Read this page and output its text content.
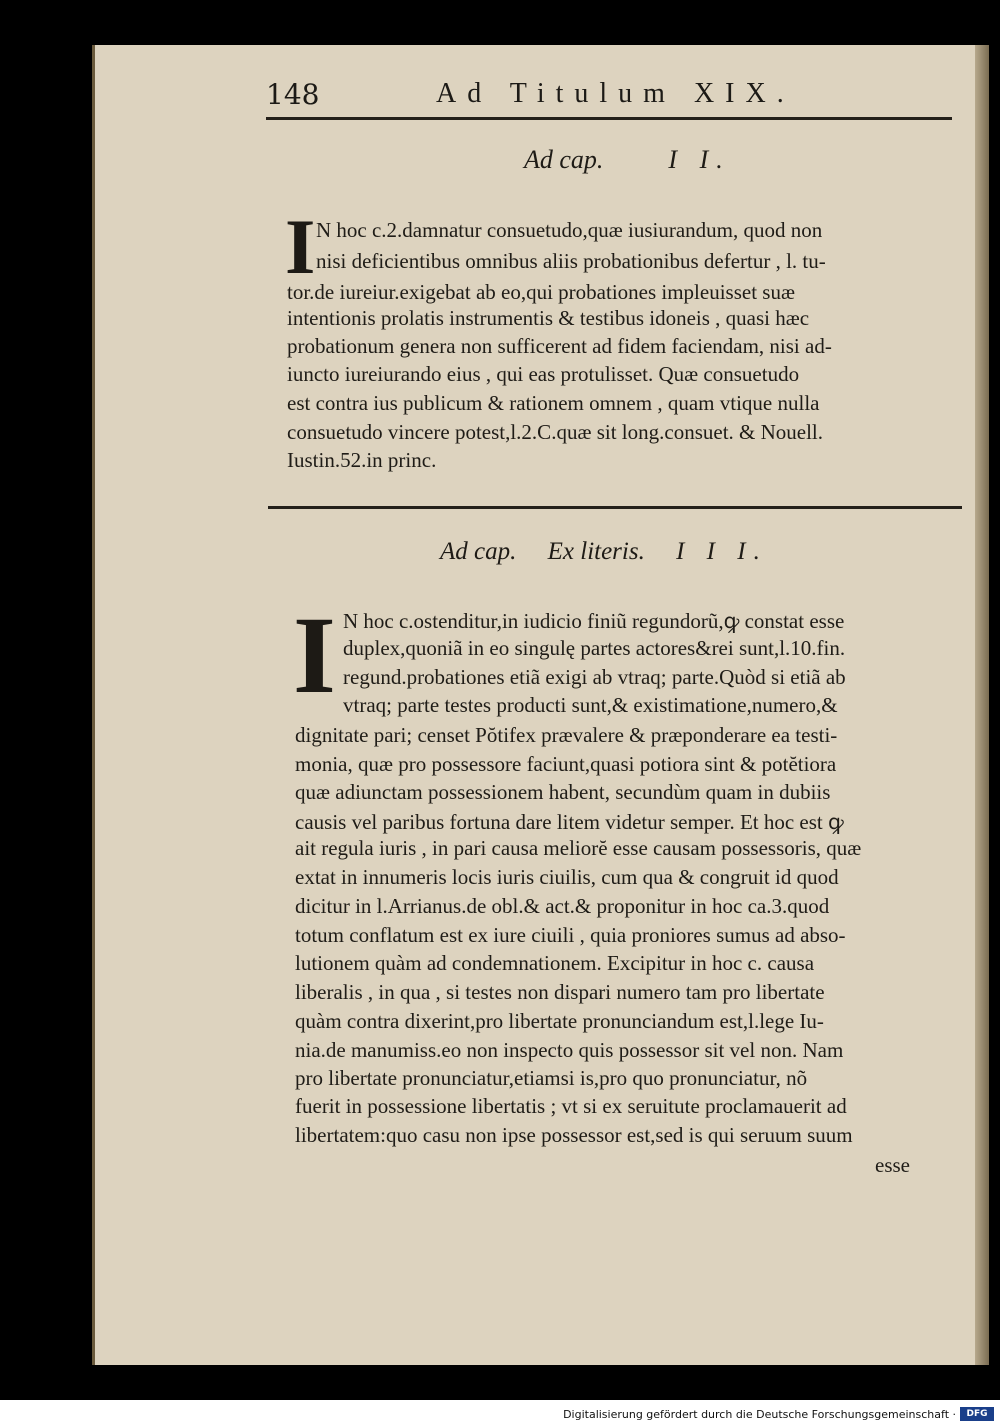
148	Ad Titulum XIX.
Ad cap.	I I.
I N hoc c.2.damnatur consuetudo,quæ iusiurandum, quod non
nisi deficientibus omnibus aliis probationibus defertur , l. tu-
tor.de iureiur.exigebat ab eo,qui probationes impleuisset suæ
intentionis prolatis instrumentis & testibus idoneis , quasi hæc
probationum genera non sufficerent ad fidem faciendam, nisi ad-
iuncto iureiurando eius , qui eas protulisset. Quæ consuetudo
est contra ius publicum & rationem omnem , quam vtique nulla
consuetudo vincere potest,l.2.C.quæ sit long.consuet. & Nouell.
Iustin.52.in princ.
Ad cap. Ex literis. I I I.
I N hoc c.ostenditur,in iudicio finiũ regundorũ,ꝙ constat esse
duplex,quoniã in eo singulę partes actores&rei sunt,l.10.fin.
regund.probationes etiã exigi ab vtraq; parte.Quòd si etiã ab
vtraq; parte testes producti sunt,& existimatione,numero,&
dignitate pari; censet Pŏtifex prævalere & præponderare ea testi-
monia, quæ pro possessore faciunt,quasi potiora sint & potĕtiora
quæ adiunctam possessionem habent, secundùm quam in dubiis
causis vel paribus fortuna dare litem videtur semper. Et hoc est ꝙ
ait regula iuris , in pari causa meliorĕ esse causam possessoris, quæ
extat in innumeris locis iuris ciuilis, cum qua & congruit id quod
dicitur in l.Arrianus.de obl.& act.& proponitur in hoc ca.3.quod
totum conflatum est ex iure ciuili , quia proniores sumus ad abso-
lutionem quàm ad condemnationem. Excipitur in hoc c. causa
liberalis , in qua , si testes non dispari numero tam pro libertate
quàm contra dixerint,pro libertate pronunciandum est,l.lege Iu-
nia.de manumiss.eo non inspecto quis possessor sit vel non. Nam
pro libertate pronunciatur,etiamsi is,pro quo pronunciatur, nõ
fuerit in possessione libertatis ; vt si ex seruitute proclamauerit ad
libertatem:quo casu non ipse possessor est,sed is qui seruum suum
esse
Digitalisierung gefördert durch die Deutsche Forschungsgemeinschaft ·	DFG
